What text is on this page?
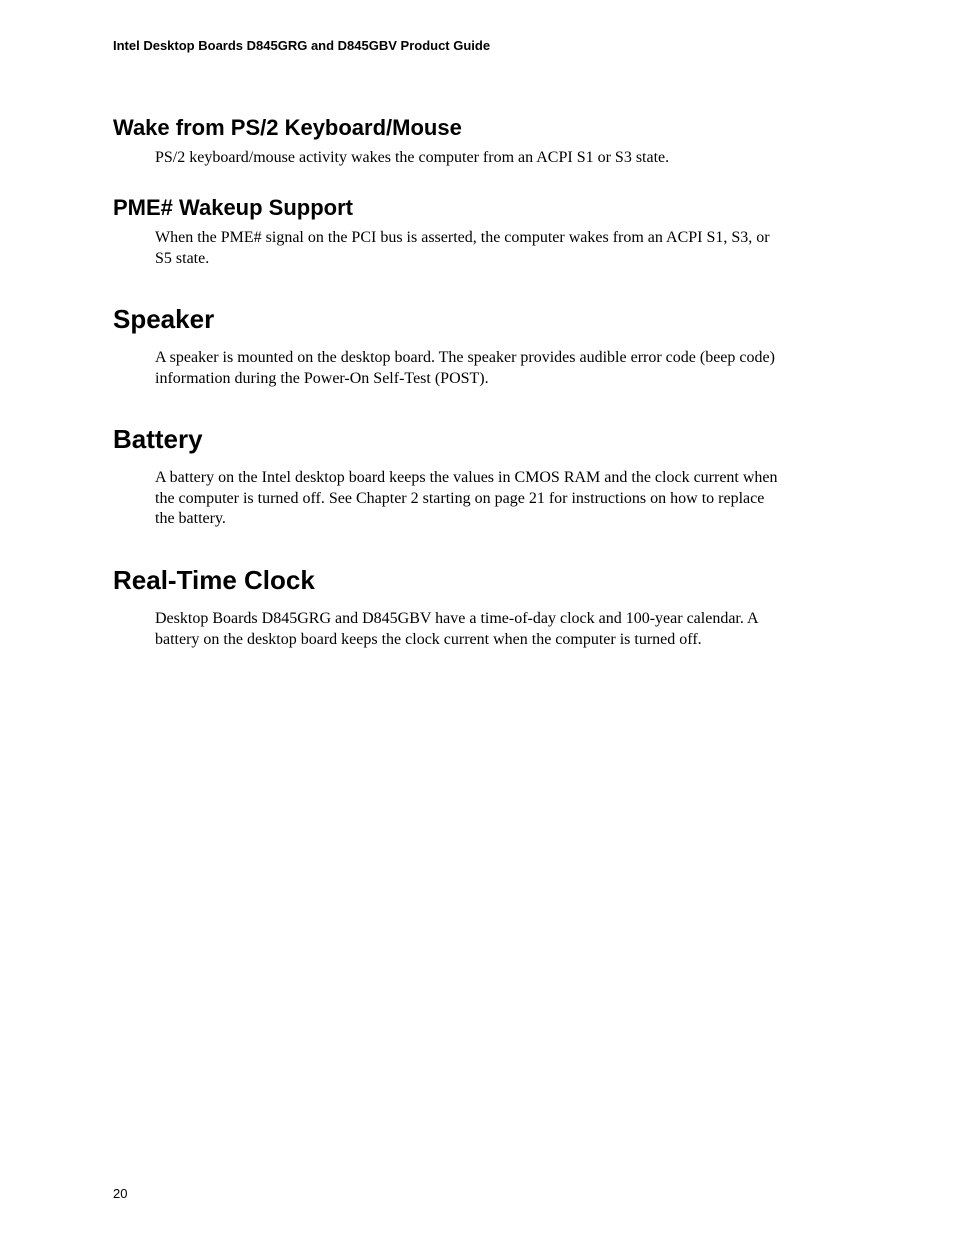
Intel Desktop Boards D845GRG and D845GBV Product Guide
Wake from PS/2 Keyboard/Mouse

PS/2 keyboard/mouse activity wakes the computer from an ACPI S1 or S3 state.

PME# Wakeup Support

When the PME# signal on the PCI bus is asserted, the computer wakes from an ACPI S1, S3, or
S5 state.

Speaker

A speaker is mounted on the desktop board. The speaker provides audible error code (beep code)
information during the Power-On Self-Test (POST).

Battery

A battery on the Intel desktop board keeps the values in CMOS RAM and the clock current when
the computer is turned off. See Chapter 2 starting on page 21 for instructions on how to replace
the battery.

Real-Time Clock

Desktop Boards D845GRG and D845GBV have a time-of-day clock and 100-year calendar. A
battery on the desktop board keeps the clock current when the computer is turned off.

20
